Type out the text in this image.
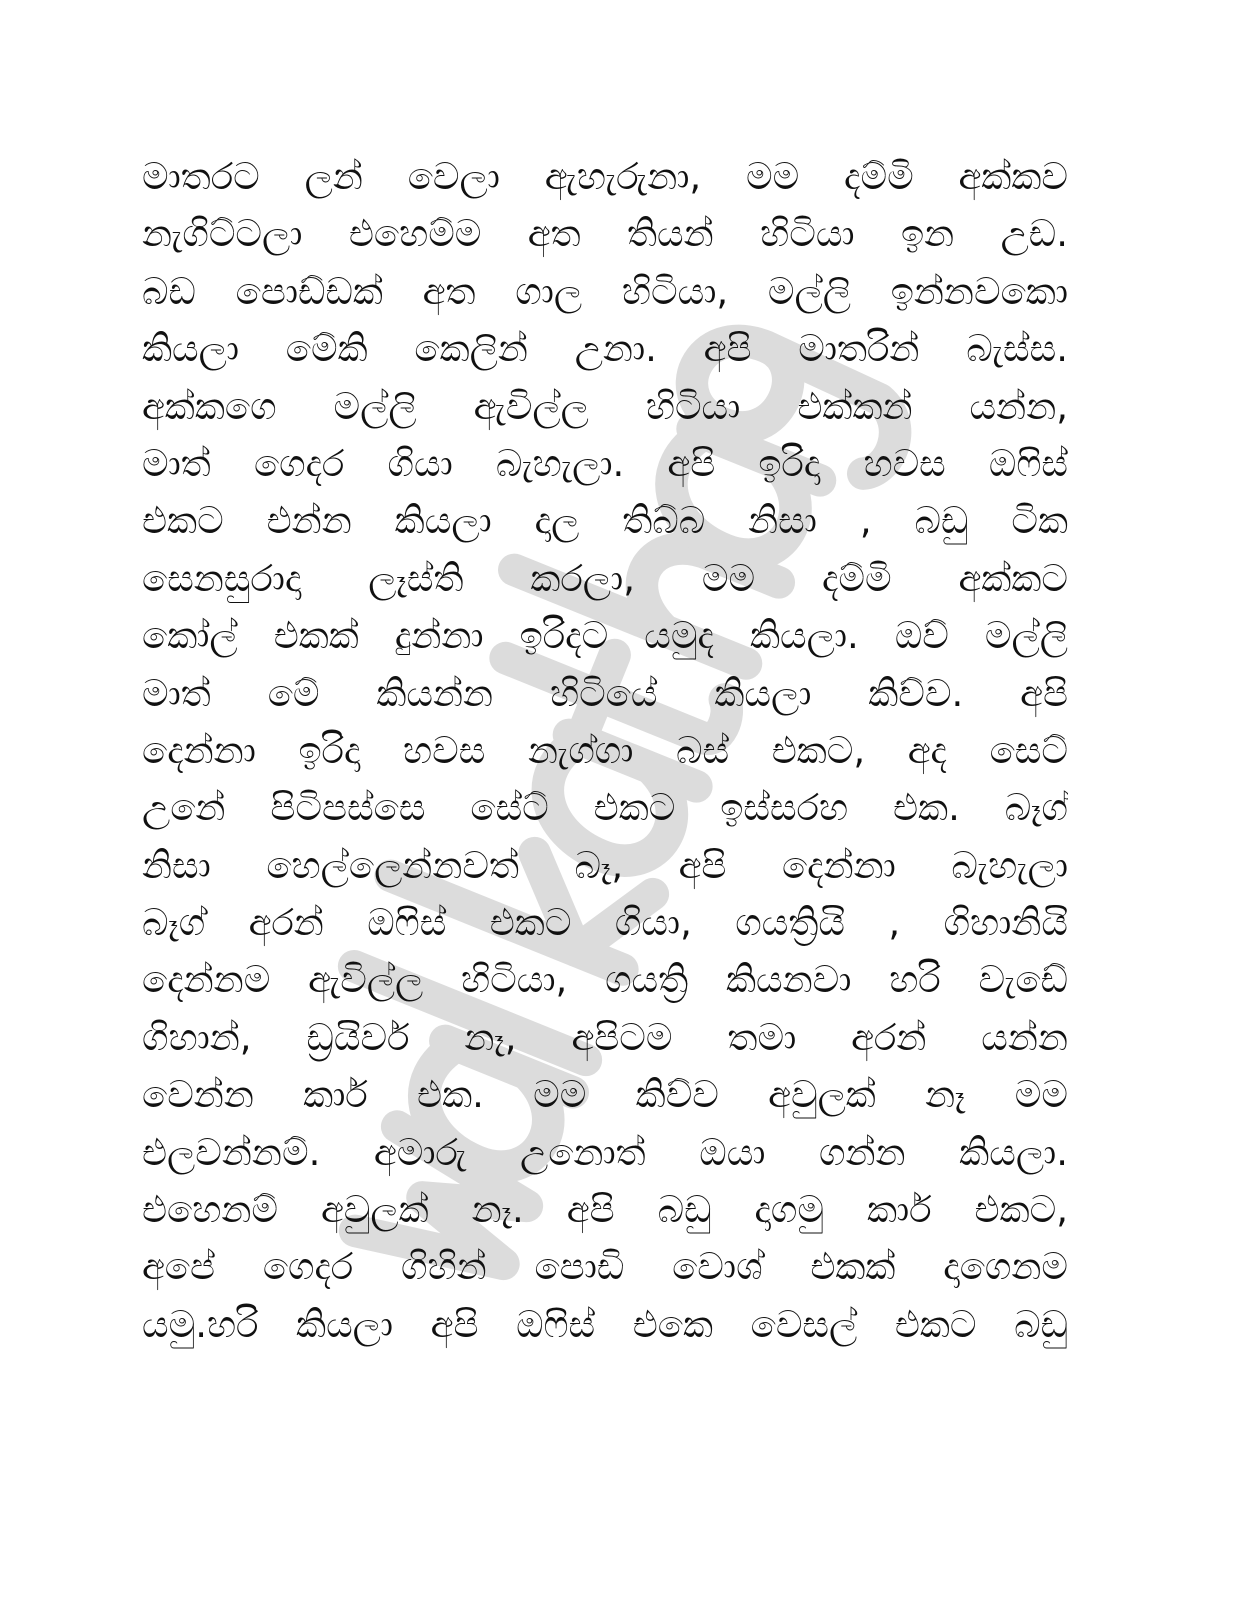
මාතරට ලන් වෙලා ඇහැරුනා, මම දම්මි අක්කව
නැගිට්ටලා එහෙම්ම අත තියන් හිටියා ඉන උඩ.
බඩ පොඩ්ඩක් අත ගාල හිටියා, මල්ලි ඉන්නවකො
කියලා මේකි කෙලින් උනා. අපි මාතරින් බැස්ස.
අක්කගෙ මල්ලි ඇවිල්ල හිටියා එක්කන් යන්න,
මාත් ගෙදර ගියා බැහැලා. අපි ඉරිදා හවස ඔෆිස්
එකට එන්න කියලා දාල තිබ්බ නිසා , බඩු ටික
සෙනසුරාදා ලෑස්ති කරලා, මම දම්මි අක්කට
කෝල් එකක් දුන්නා ඉරිදට යමුද කියලා. ඔව් මල්ලි
මාත් මේ කියන්න හිටියේ කියලා කිව්ව. අපි
දෙන්නා ඉරිදා හවස නැග්ගා බස් එකට, අද සෙට්
උනේ පිටිපස්සෙ සේට් එකට ඉස්සරහ එක. බෑග්
නිසා හෙල්ලෙන්නවත් බෑ, අපි දෙන්නා බැහැලා
බෑග් අරන් ඔෆිස් එකට ගියා, ගයත්‍රියි , ගිහානියි
දෙන්නම ඇවිල්ල හිටියා, ගයත්‍රි කියනවා හරි වැඩේ
ගිහාන්, ඩ්‍රයිවර් නෑ, අපිටම තමා අරන් යන්න
වෙන්න කාර් එක. මම කිව්ව අවුලක් නෑ මම
එලවන්නම්. අමාරු උනොත් ඔයා ගන්න කියලා.
එහෙනම් අවුලක් නෑ. අපි බඩු දාගමු කාර් එකට,
අපේ ගෙදර ගිහින් පොඩි වොශ් එකක් දාගෙනම
යමු.හරි කියලා අපි ඔෆිස් එකෙ වෙසල් එකට බඩු
